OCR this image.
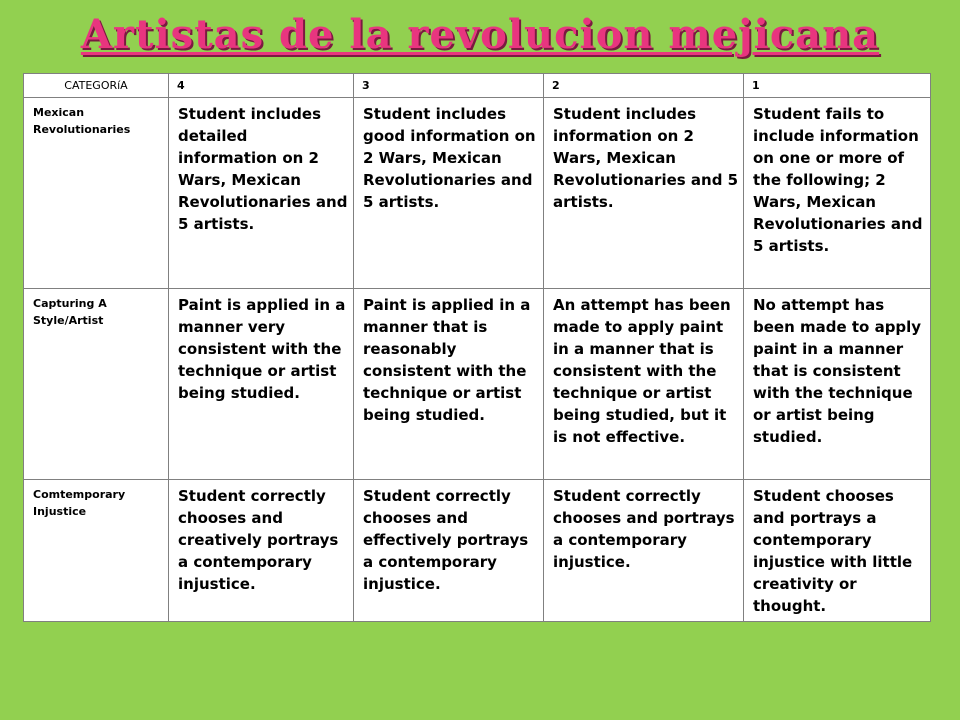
Artistas de la revolucion mejicana
CATEGORíA	4	3	2	1
Mexican Revolutionaries	Student includes detailed information on 2 Wars, Mexican Revolutionaries and 5 artists.	Student includes good information on 2 Wars, Mexican Revolutionaries and 5 artists.	Student includes information on 2 Wars, Mexican Revolutionaries and 5 artists.	Student fails to include information on one or more of the following; 2 Wars, Mexican Revolutionaries and 5 artists.
Capturing A Style/Artist	Paint is applied in a manner very consistent with the technique or artist being studied.	Paint is applied in a manner that is reasonably consistent with the technique or artist being studied.	An attempt has been made to apply paint in a manner that is consistent with the technique or artist being studied, but it is not effective.	No attempt has been made to apply paint in a manner that is consistent with the technique or artist being studied.
Comtemporary Injustice	Student correctly chooses and creatively portrays a contemporary injustice.	Student correctly chooses and effectively portrays a contemporary injustice.	Student correctly chooses and portrays a contemporary injustice.	Student chooses and portrays a contemporary injustice with little creativity or thought.
